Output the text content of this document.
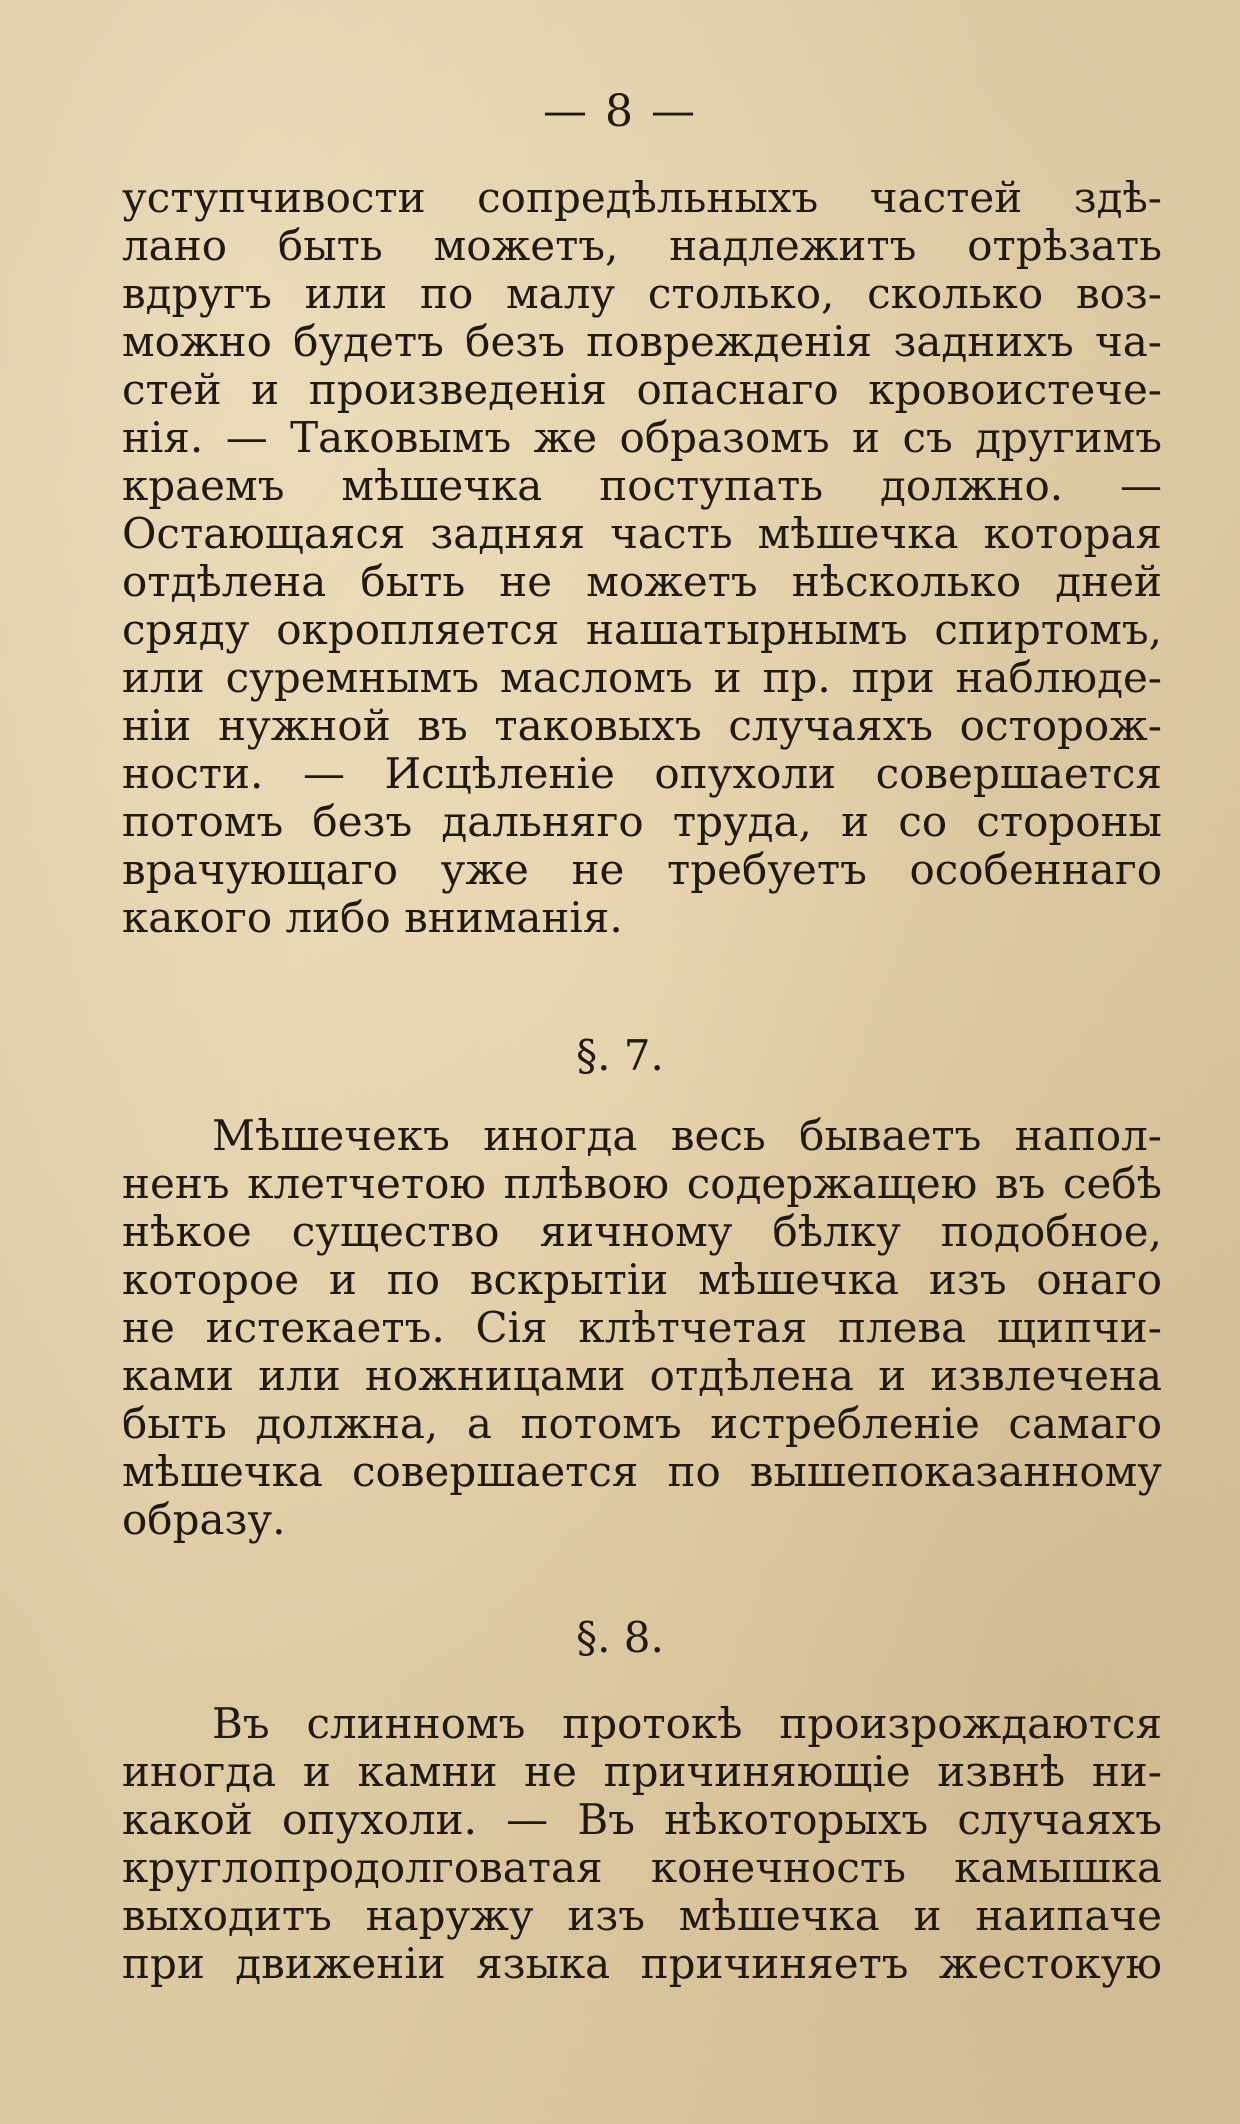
— 8 —
уступчивости сопредѣльныхъ частей здѣ-
лано быть можетъ, надлежитъ отрѣзать
вдругъ или по малу столько, сколько воз-
можно будетъ безъ поврежденія заднихъ ча-
стей и произведенія опаснаго кровоистече-
нія. — Таковымъ же образомъ и съ другимъ
краемъ мѣшечка поступать должно. —
Остающаяся задняя часть мѣшечка которая
отдѣлена быть не можетъ нѣсколько дней
сряду окропляется нашатырнымъ спиртомъ,
или суремнымъ масломъ и пр. при наблюде-
ніи нужной въ таковыхъ случаяхъ осторож-
ности. — Исцѣленіе опухоли совершается
потомъ безъ дальняго труда, и со стороны
врачующаго уже не требуетъ особеннаго
какого либо вниманія.
§. 7.
Мѣшечекъ иногда весь бываетъ напол-
ненъ клетчетою плѣвою содержащею въ себѣ
нѣкое существо яичному бѣлку подобное,
которое и по вскрытіи мѣшечка изъ онаго
не истекаетъ. Сія клѣтчетая плева щипчи-
ками или ножницами отдѣлена и извлечена
быть должна, а потомъ истребленіе самаго
мѣшечка совершается по вышепоказанному
образу.
§. 8.
Въ слинномъ протокѣ произрождаются
иногда и камни не причиняющіе извнѣ ни-
какой опухоли. — Въ нѣкоторыхъ случаяхъ
круглопродолговатая конечность камышка
выходитъ наружу изъ мѣшечка и наипаче
при движеніи языка причиняетъ жестокую
